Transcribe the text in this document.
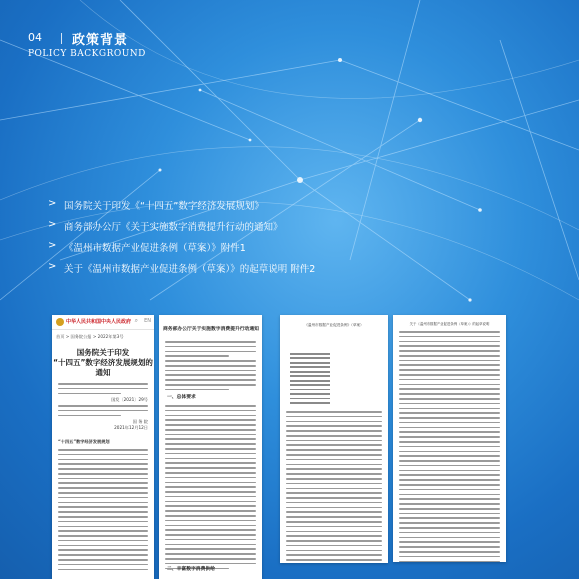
04 政策背景
POLICY BACKGROUND
> 国务院关于印发《“十四五”数字经济发展规划》
> 商务部办公厅《关于实施数字消费提升行动的通知》
> 《温州市数据产业促进条例（草案）》附件1
> 关于《温州市数据产业促进条例（草案）》的起草说明 附件2
中华人民共和国中央人民政府 ⌕ EN
首页 > 国务院公报 > 2022年第3号
国务院关于印发
“十四五”数字经济发展规划的
通知
国发〔2021〕29号
国 务 院
2021年12月12日
“十四五”数字经济发展规划
商务部办公厅关于实施数字消费提升行动通知
一、总体要求
二、丰富数字消费供给
《温州市数据产业促进条例》（草案）	关于《温州市数据产业促进条例（草案）》的起草说明
